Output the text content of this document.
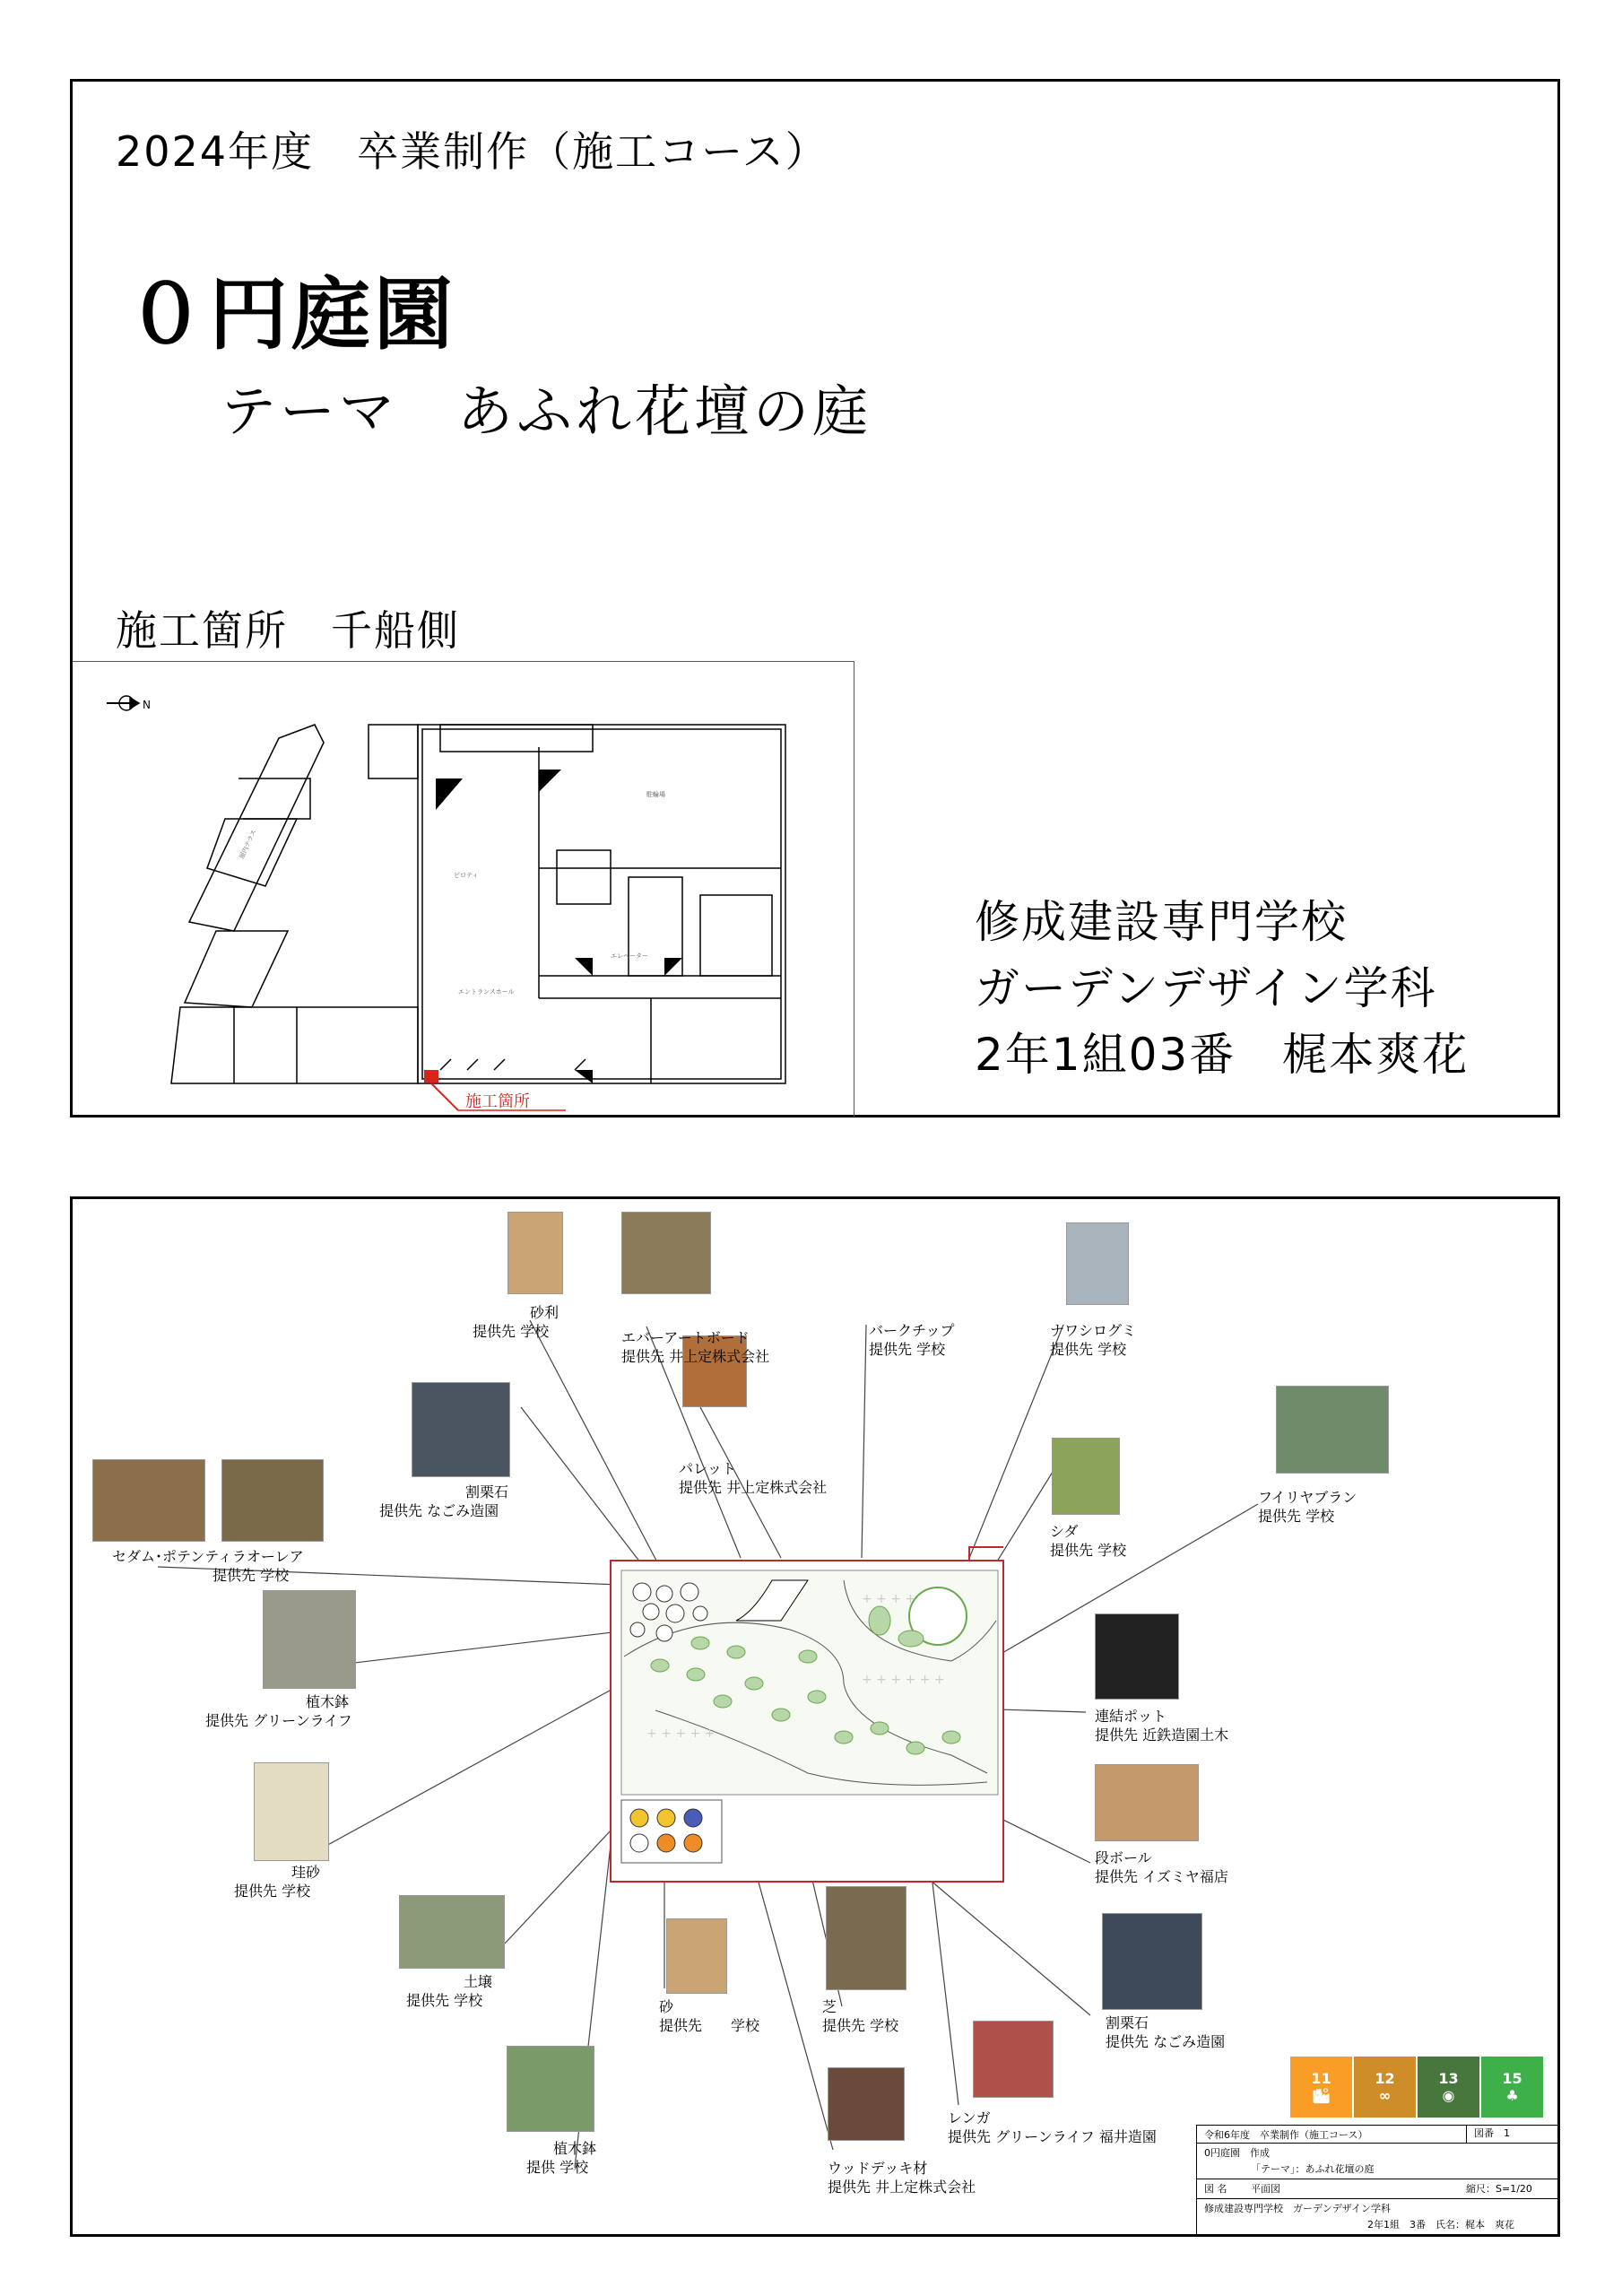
2024年度　卒業制作（施工コース）
０円庭園
テーマ　あふれ花壇の庭
施工箇所　千船側
N
屋内テラス
ピロティ
駐輪場
エレベーター
エントランスホール
施工箇所
修成建設専門学校
ガーデンデザイン学科
2年1組03番　梶本爽花
+ + + +
+ + + + + +
+ + + + +
砂利
提供先 学校	エバーアートボード
提供先 井上定株式会社
バークチップ
提供先 学校
ナワシログミ
提供先 学校
パレット
提供先 井上定株式会社
割栗石
提供先 なごみ造園
シダ
提供先 学校
フイリヤブラン
提供先 学校
セダム･ポテンティラオーレア
提供先 学校
植木鉢
提供先 グリーンライフ	連結ポット
提供先 近鉄造園土木
珪砂
提供先 学校
段ボール
提供先 イズミヤ福店
土壌
提供先 学校
割栗石
提供先 なごみ造園
砂
提供先　　学校
芝
提供先 学校
レンガ
提供先 グリーンライフ 福井造園
植木鉢
提供 学校	ウッドデッキ材
提供先 井上定株式会社
11
🏙
12
∞
13
◉
15
♣
令和6年度　卒業制作（施工コース）	図番　1
0円庭園　作成
「テーマ」：あふれ花壇の庭
図 名 平面図	縮尺：S=1/20
修成建設専門学校　ガーデンデザイン学科
2年1組　3番　氏名：梶本　爽花
